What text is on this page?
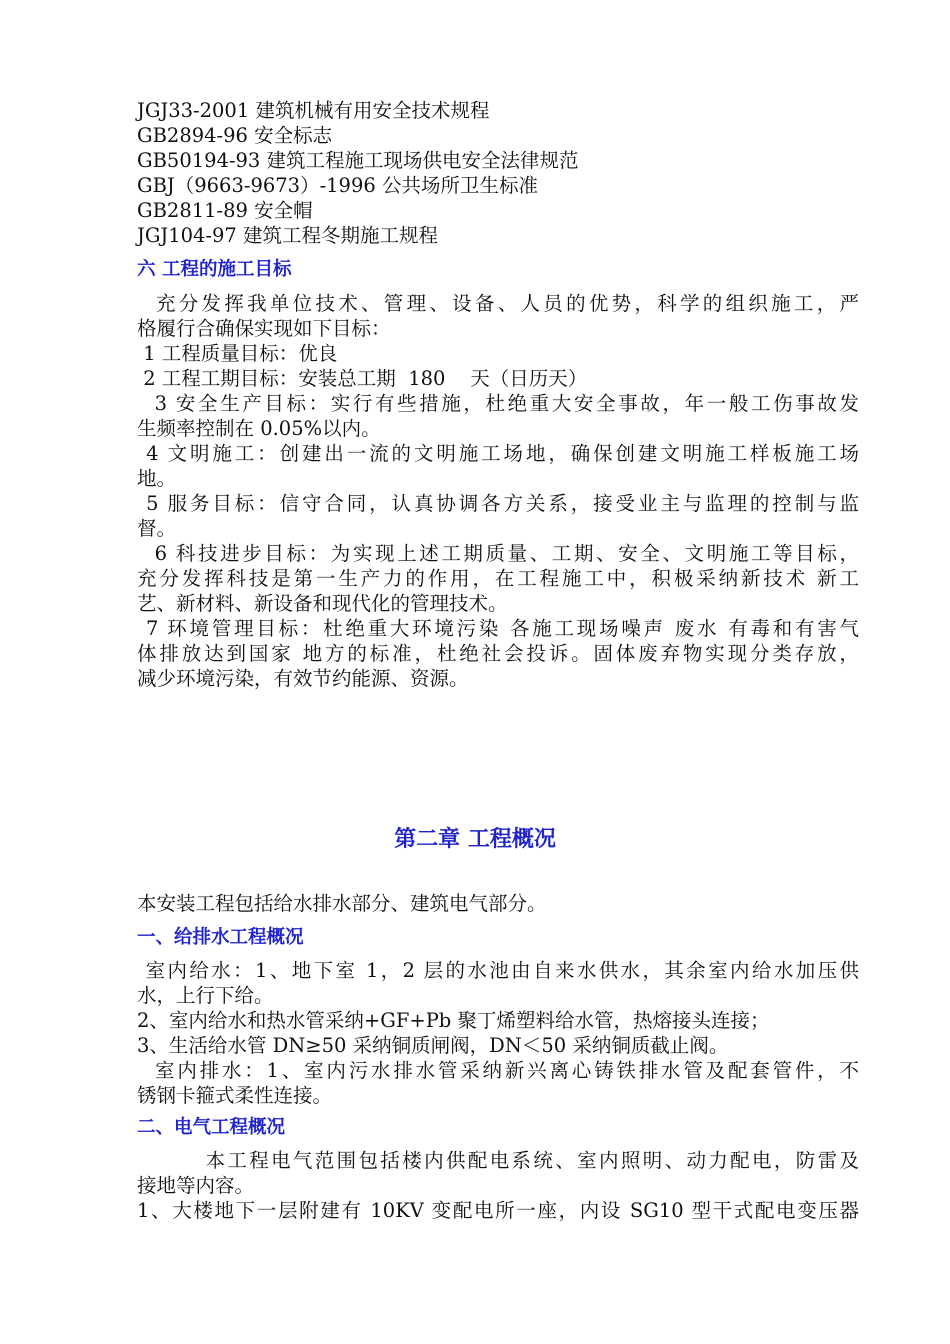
JGJ33-2001 建筑机械有用安全技术规程
GB2894-96 安全标志
GB50194-93 建筑工程施工现场供电安全法律规范
GBJ（9663-9673）-1996 公共场所卫生标准
GB2811-89 安全帽
JGJ104-97 建筑工程冬期施工规程
六 工程的施工目标
充分发挥我单位技术、管理、设备、人员的优势，科学的组织施工，严
格履行合确保实现如下目标：
1 工程质量目标：优良
2 工程工期目标：安装总工期  180    天（日历天）
3 安全生产目标：实行有些措施，杜绝重大安全事故，年一般工伤事故发
生频率控制在 0.05%以内。
4 文明施工：创建出一流的文明施工场地，确保创建文明施工样板施工场
地。
5 服务目标：信守合同，认真协调各方关系，接受业主与监理的控制与监
督。
6 科技进步目标：为实现上述工期质量、工期、安全、文明施工等目标，
充分发挥科技是第一生产力的作用，在工程施工中，积极采纳新技术 新工
艺、新材料、新设备和现代化的管理技术。
7 环境管理目标：杜绝重大环境污染 各施工现场噪声 废水 有毒和有害气
体排放达到国家 地方的标准，杜绝社会投诉。固体废弃物实现分类存放，
减少环境污染，有效节约能源、资源。
第二章 工程概况
本安装工程包括给水排水部分、建筑电气部分。
一、给排水工程概况
室内给水：1、地下室 1，2 层的水池由自来水供水，其余室内给水加压供
水，上行下给。
2、室内给水和热水管采纳+GF+Pb 聚丁烯塑料给水管，热熔接头连接；
3、生活给水管 DN≥50 采纳铜质闸阀，DN＜50 采纳铜质截止阀。
室内排水：1、室内污水排水管采纳新兴离心铸铁排水管及配套管件，不
锈钢卡箍式柔性连接。
二、电气工程概况
本工程电气范围包括楼内供配电系统、室内照明、动力配电，防雷及
接地等内容。
1、大楼地下一层附建有 10KV 变配电所一座，内设 SG10 型干式配电变压器
